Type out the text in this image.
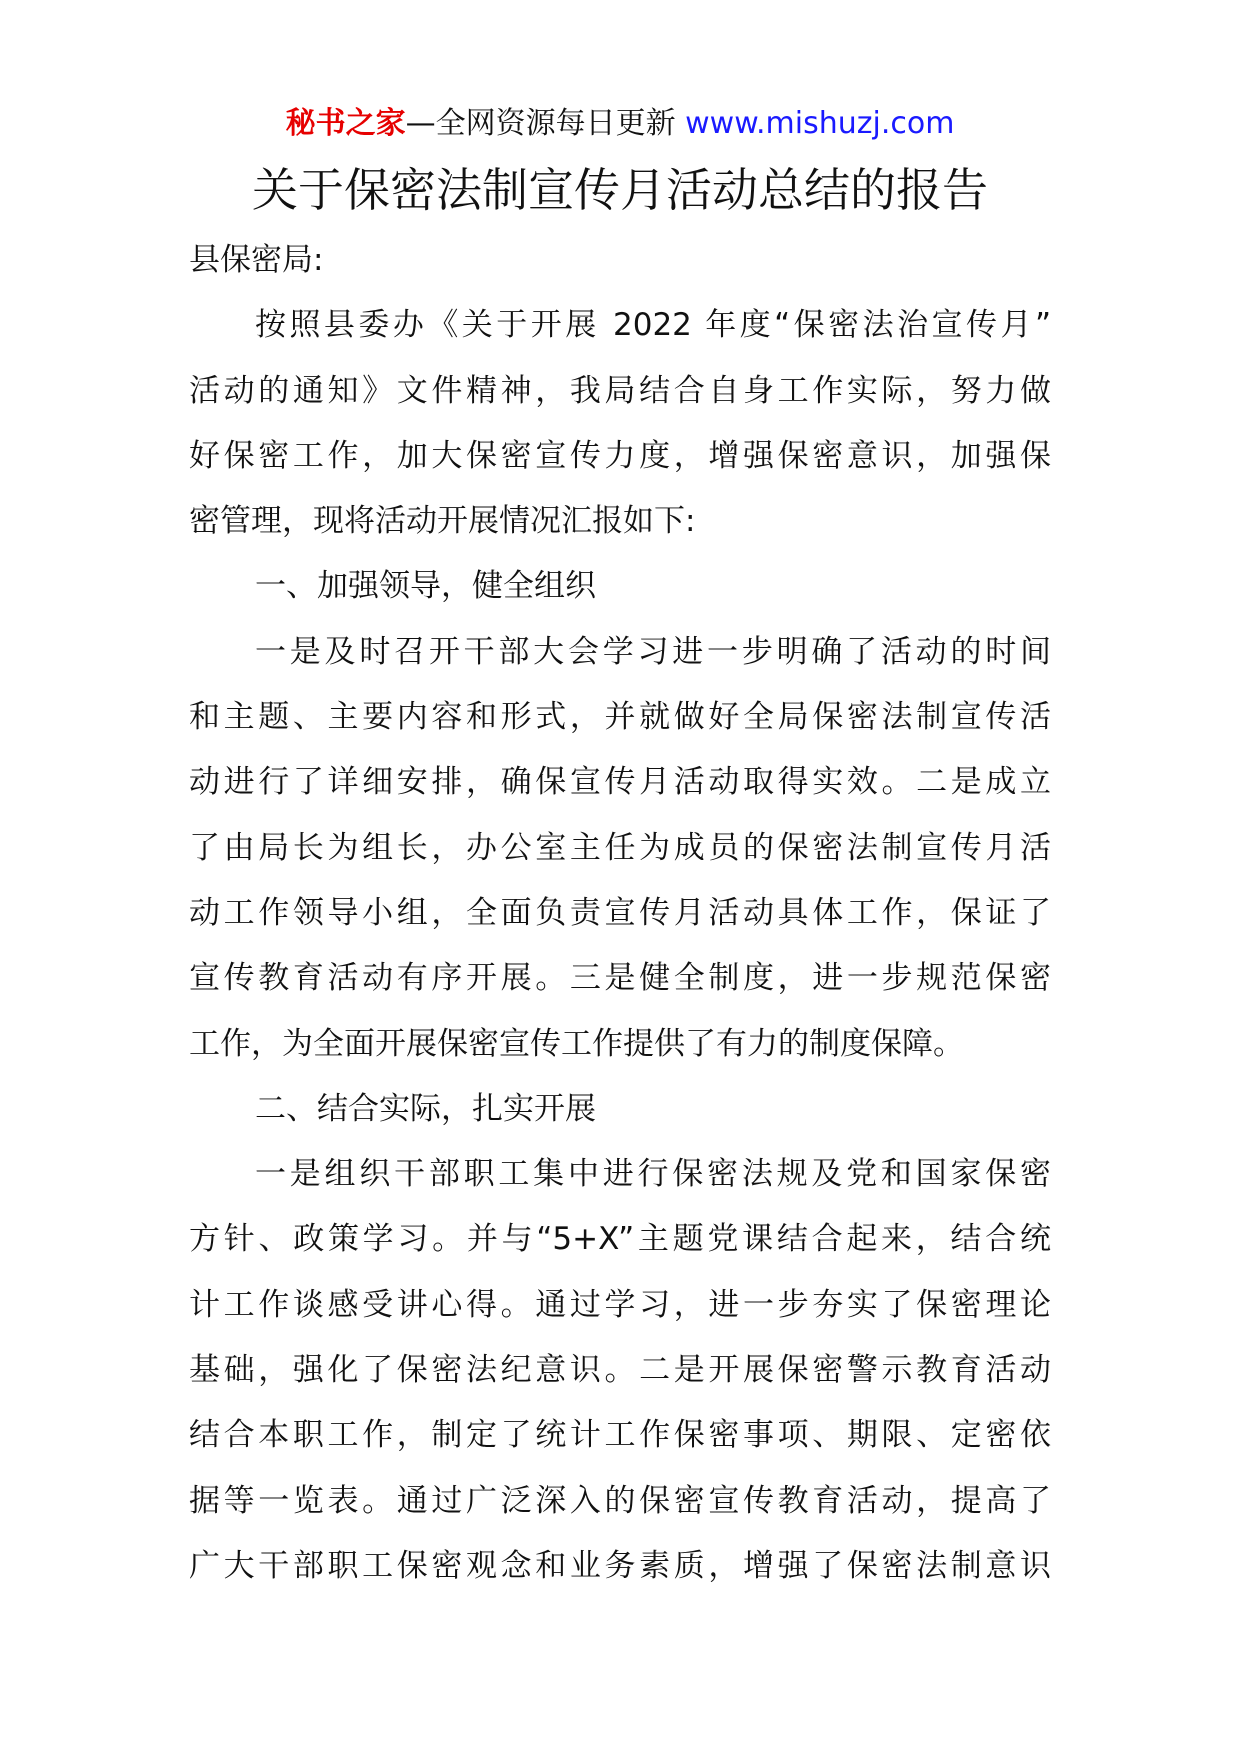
秘书之家—全网资源每日更新 www.mishuzj.com
关于保密法制宣传月活动总结的报告
县保密局:
按照县委办《关于开展 2022 年度“保密法治宣传月”
活动的通知》文件精神，我局结合自身工作实际，努力做
好保密工作，加大保密宣传力度，增强保密意识，加强保
密管理，现将活动开展情况汇报如下:
一、加强领导，健全组织
一是及时召开干部大会学习进一步明确了活动的时间
和主题、主要内容和形式，并就做好全局保密法制宣传活
动进行了详细安排，确保宣传月活动取得实效。二是成立
了由局长为组长，办公室主任为成员的保密法制宣传月活
动工作领导小组，全面负责宣传月活动具体工作，保证了
宣传教育活动有序开展。三是健全制度，进一步规范保密
工作，为全面开展保密宣传工作提供了有力的制度保障。
二、结合实际，扎实开展
一是组织干部职工集中进行保密法规及党和国家保密
方针、政策学习。并与“5+X”主题党课结合起来，结合统
计工作谈感受讲心得。通过学习，进一步夯实了保密理论
基础，强化了保密法纪意识。二是开展保密警示教育活动
结合本职工作，制定了统计工作保密事项、期限、定密依
据等一览表。通过广泛深入的保密宣传教育活动，提高了
广大干部职工保密观念和业务素质，增强了保密法制意识
